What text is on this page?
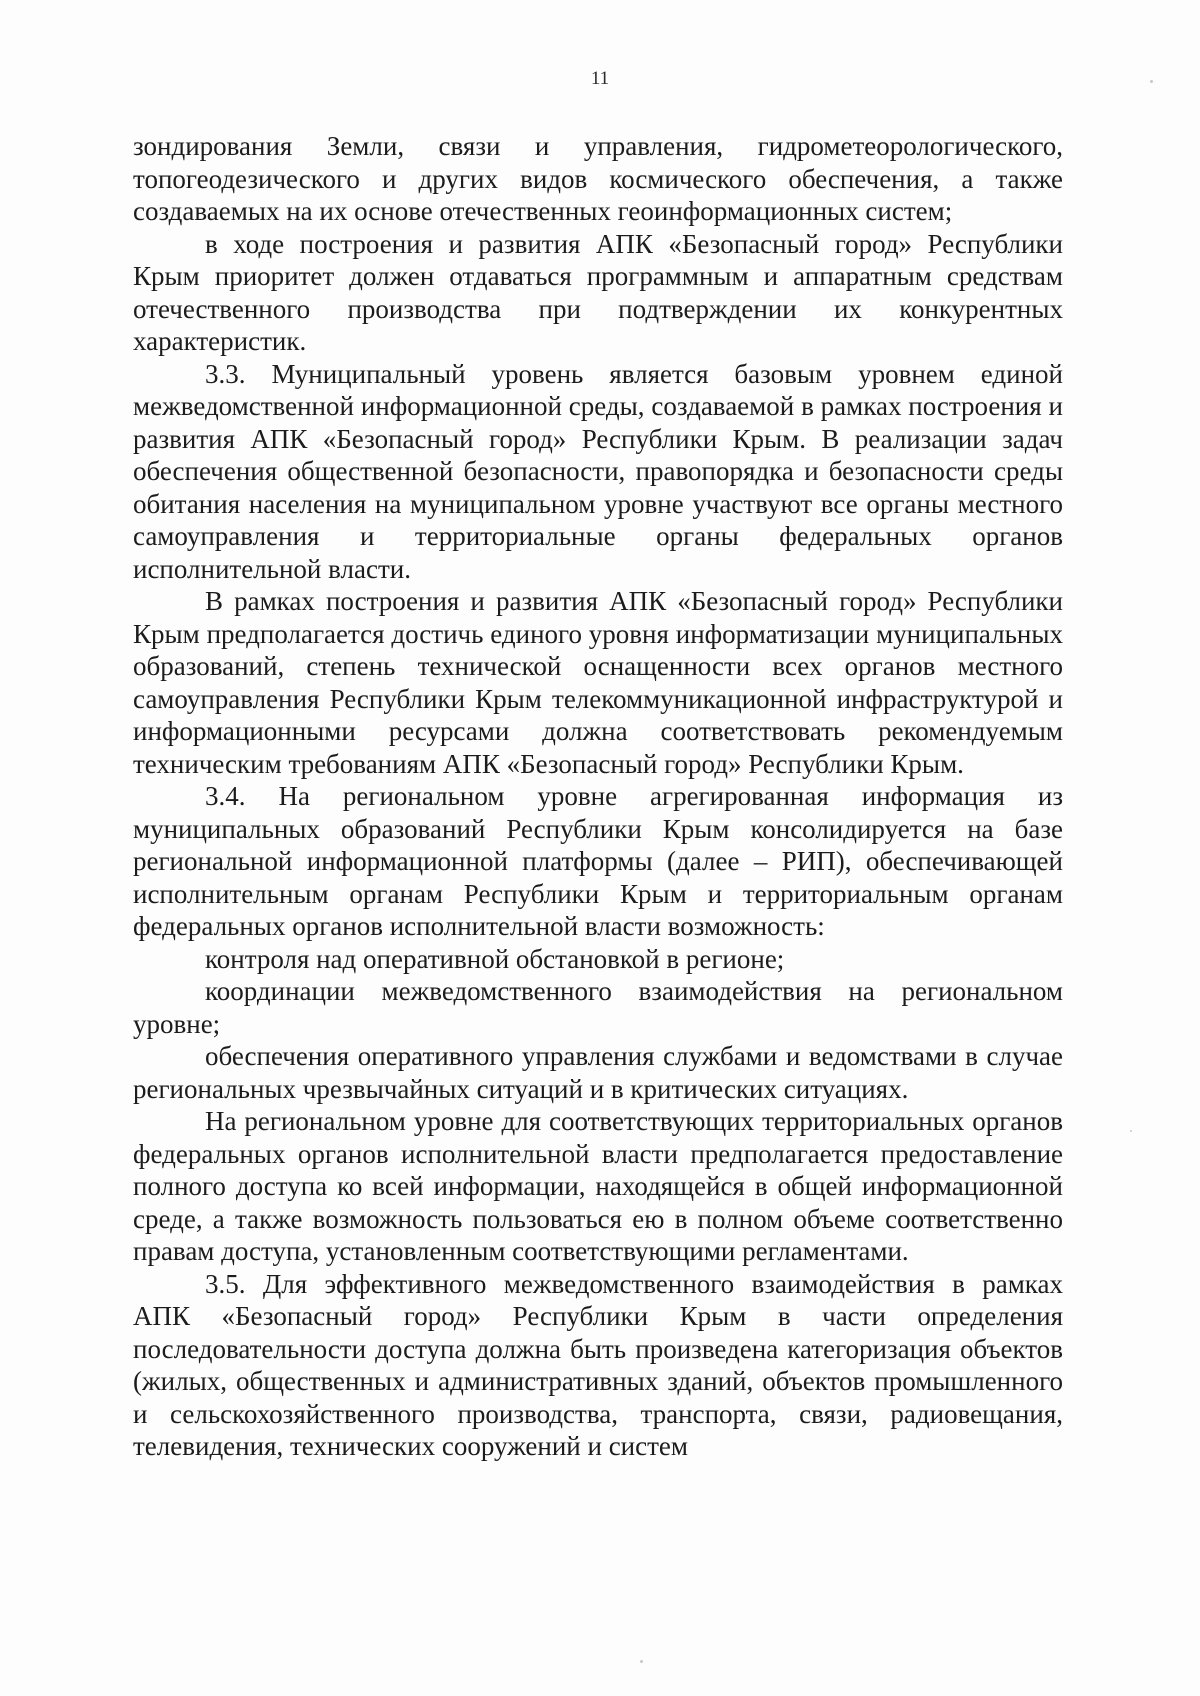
11

зондирования Земли, связи и управления, гидрометеорологического, топогеодезического и других видов космического обеспечения, а также создаваемых на их основе отечественных геоинформационных систем;

в ходе построения и развития АПК «Безопасный город» Республики Крым приоритет должен отдаваться программным и аппаратным средствам отечественного производства при подтверждении их конкурентных характеристик.

3.3. Муниципальный уровень является базовым уровнем единой межведомственной информационной среды, создаваемой в рамках построения и развития АПК «Безопасный город» Республики Крым. В реализации задач обеспечения общественной безопасности, правопорядка и безопасности среды обитания населения на муниципальном уровне участвуют все органы местного самоуправления и территориальные органы федеральных органов исполнительной власти.

В рамках построения и развития АПК «Безопасный город» Республики Крым предполагается достичь единого уровня информатизации муниципальных образований, степень технической оснащенности всех органов местного самоуправления Республики Крым телекоммуникационной инфраструктурой и информационными ресурсами должна соответствовать рекомендуемым техническим требованиям АПК «Безопасный город» Республики Крым.

3.4. На региональном уровне агрегированная информация из муниципальных образований Республики Крым консолидируется на базе региональной информационной платформы (далее – РИП), обеспечивающей исполнительным органам Республики Крым и территориальным органам федеральных органов исполнительной власти возможность:

контроля над оперативной обстановкой в регионе;

координации межведомственного взаимодействия на региональном уровне;

обеспечения оперативного управления службами и ведомствами в случае региональных чрезвычайных ситуаций и в критических ситуациях.

На региональном уровне для соответствующих территориальных органов федеральных органов исполнительной власти предполагается предоставление полного доступа ко всей информации, находящейся в общей информационной среде, а также возможность пользоваться ею в полном объеме соответственно правам доступа, установленным соответствующими регламентами.

3.5. Для эффективного межведомственного взаимодействия в рамках АПК «Безопасный город» Республики Крым в части определения последовательности доступа должна быть произведена категоризация объектов (жилых, общественных и административных зданий, объектов промышленного и сельскохозяйственного производства, транспорта, связи, радиовещания, телевидения, технических сооружений и систем
